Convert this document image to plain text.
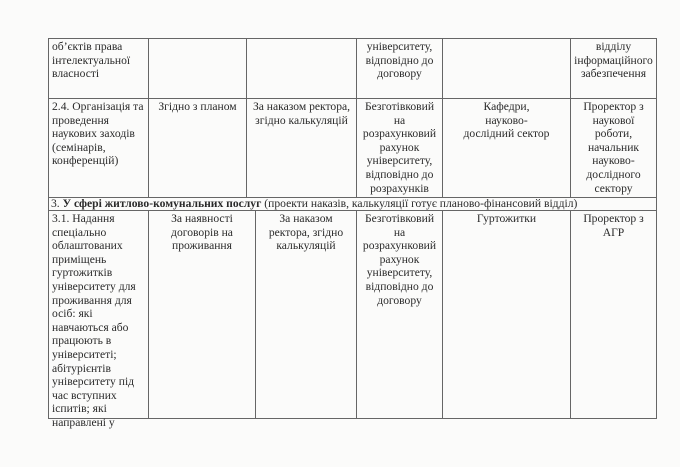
об’єктів права інтелектуальної власності
університету, відповідно до договору
відділу інформаційного забезпечення
2.4. Організація та проведення наукових заходів (семінарів, конференцій)
Згідно з планом	За наказом ректора, згідно калькуляцій
Безготівковий на розрахунковий рахунок університету, відповідно до розрахунків
Кафедри, науково-дослідний сектор
Проректор з наукової роботи, начальник науково-дослідного сектору
3. У сфері житлово-комунальних послуг (проекти наказів, калькуляції готує планово-фінансовий відділ)
3.1. Надання спеціально облаштованих приміщень гуртожитків університету для проживання для осіб: які навчаються або працюють в університеті; абітурієнтів університету під час вступних іспитів; які направлені у
За наявності договорів на проживання
За наказом ректора, згідно калькуляцій
Безготівковий на розрахунковий рахунок університету, відповідно до договору
Гуртожитки	Проректор з АГР
